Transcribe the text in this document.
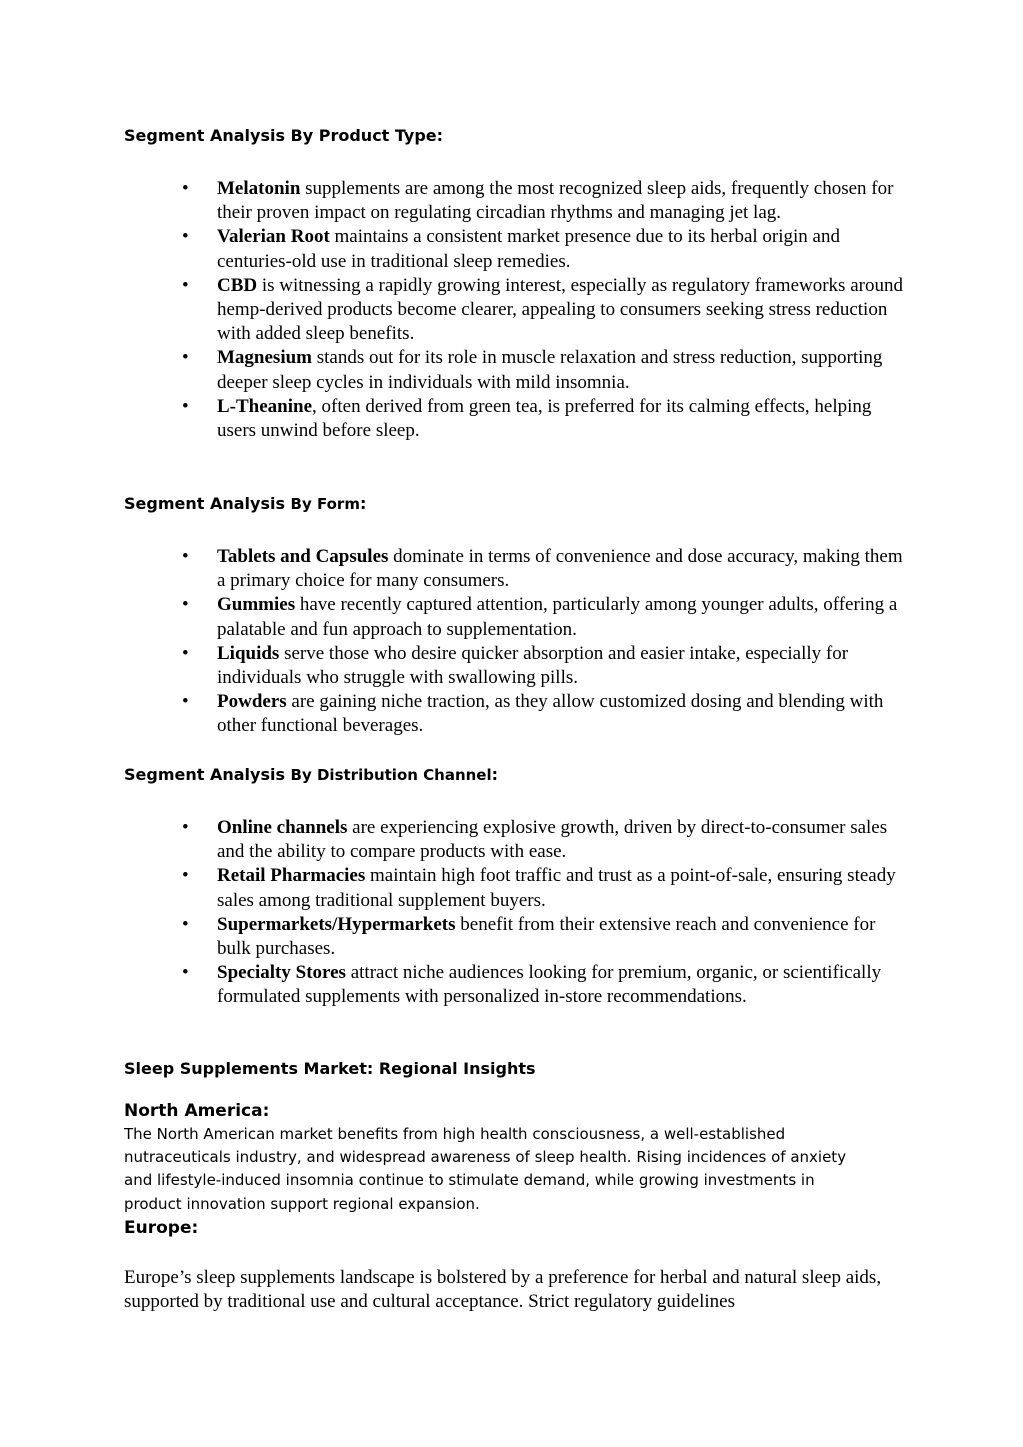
Segment Analysis By Product Type:
• Melatonin supplements are among the most recognized sleep aids, frequently chosen for their proven impact on regulating circadian rhythms and managing jet lag.
• Valerian Root maintains a consistent market presence due to its herbal origin and centuries-old use in traditional sleep remedies.
• CBD is witnessing a rapidly growing interest, especially as regulatory frameworks around hemp-derived products become clearer, appealing to consumers seeking stress reduction with added sleep benefits.
• Magnesium stands out for its role in muscle relaxation and stress reduction, supporting deeper sleep cycles in individuals with mild insomnia.
• L-Theanine, often derived from green tea, is preferred for its calming effects, helping users unwind before sleep.
Segment Analysis By Form:
• Tablets and Capsules dominate in terms of convenience and dose accuracy, making them a primary choice for many consumers.
• Gummies have recently captured attention, particularly among younger adults, offering a palatable and fun approach to supplementation.
• Liquids serve those who desire quicker absorption and easier intake, especially for individuals who struggle with swallowing pills.
• Powders are gaining niche traction, as they allow customized dosing and blending with other functional beverages.
Segment Analysis By Distribution Channel:
• Online channels are experiencing explosive growth, driven by direct-to-consumer sales and the ability to compare products with ease.
• Retail Pharmacies maintain high foot traffic and trust as a point-of-sale, ensuring steady sales among traditional supplement buyers.
• Supermarkets/Hypermarkets benefit from their extensive reach and convenience for bulk purchases.
• Specialty Stores attract niche audiences looking for premium, organic, or scientifically formulated supplements with personalized in-store recommendations.
Sleep Supplements Market: Regional Insights
North America:

The North American market benefits from high health consciousness, a well-established nutraceuticals industry, and widespread awareness of sleep health. Rising incidences of anxiety and lifestyle-induced insomnia continue to stimulate demand, while growing investments in product innovation support regional expansion.

Europe:

Europe’s sleep supplements landscape is bolstered by a preference for herbal and natural sleep aids, supported by traditional use and cultural acceptance. Strict regulatory guidelines
